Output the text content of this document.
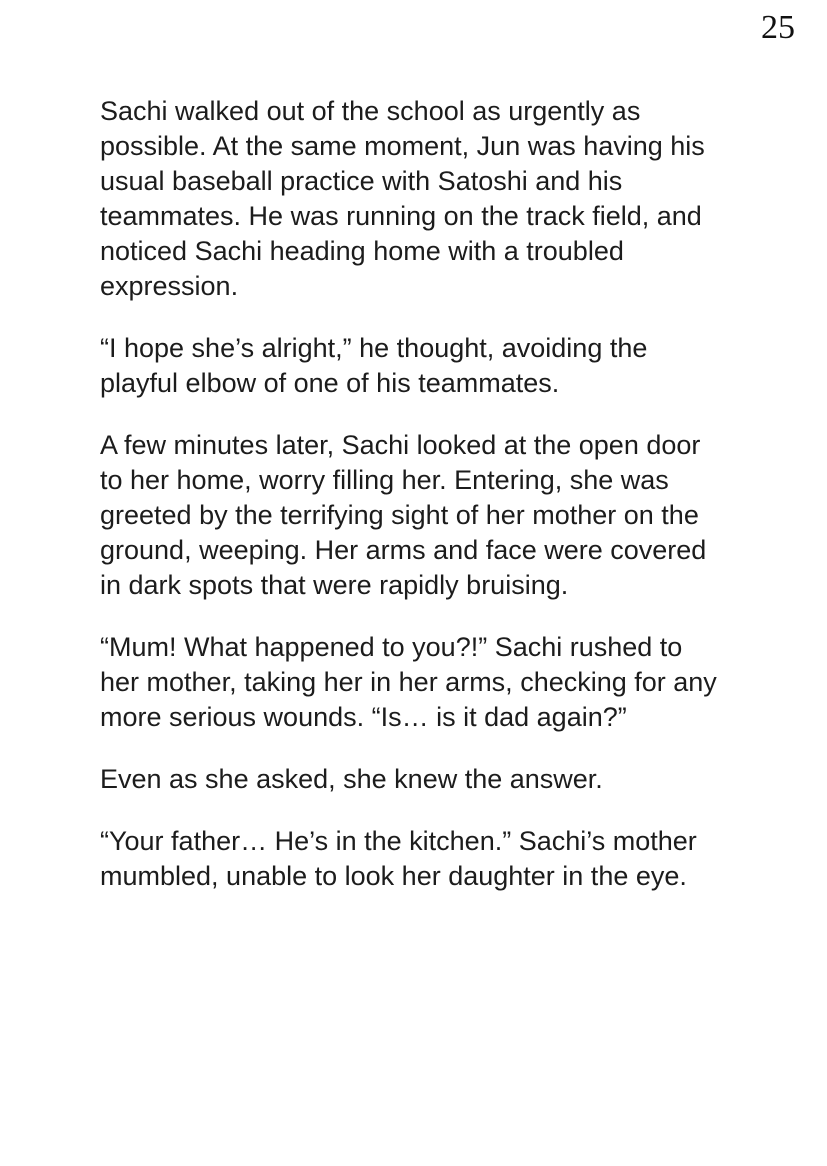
25

Sachi walked out of the school as urgently as possible. At the same moment, Jun was having his usual baseball practice with Satoshi and his teammates. He was running on the track field, and noticed Sachi heading home with a troubled expression.

“I hope she’s alright,” he thought, avoiding the playful elbow of one of his teammates.

A few minutes later, Sachi looked at the open door to her home, worry filling her. Entering, she was greeted by the terrifying sight of her mother on the ground, weeping. Her arms and face were covered in dark spots that were rapidly bruising.

“Mum! What happened to you?!” Sachi rushed to her mother, taking her in her arms, checking for any more serious wounds. “Is… is it dad again?”

Even as she asked, she knew the answer.

“Your father… He’s in the kitchen.” Sachi’s mother mumbled, unable to look her daughter in the eye.
